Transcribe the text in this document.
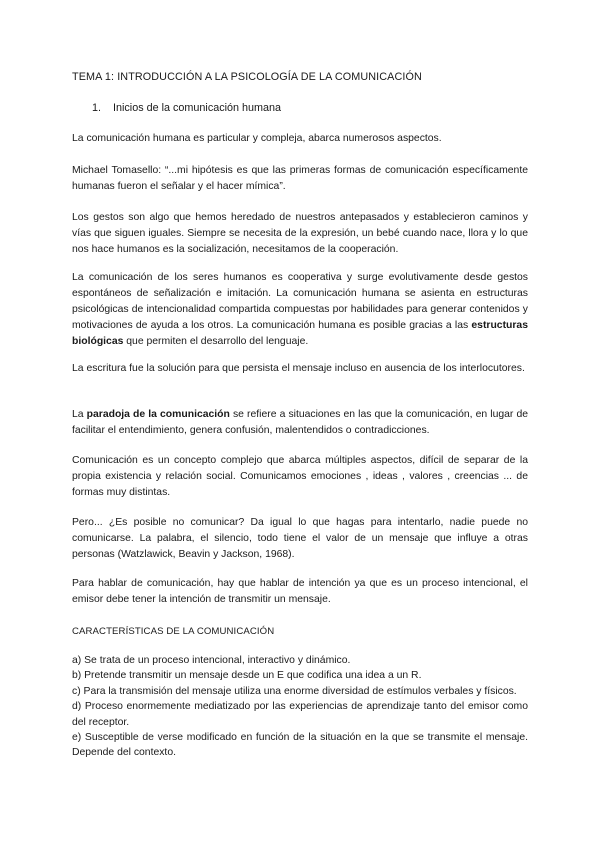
TEMA 1: INTRODUCCIÓN A LA PSICOLOGÍA DE LA COMUNICACIÓN
1. Inicios de la comunicación humana

La comunicación humana es particular y compleja, abarca numerosos aspectos.

Michael Tomasello: “...mi hipótesis es que las primeras formas de comunicación específicamente humanas fueron el señalar y el hacer mímica”.

Los gestos son algo que hemos heredado de nuestros antepasados y establecieron caminos y vías que siguen iguales. Siempre se necesita de la expresión, un bebé cuando nace, llora y lo que nos hace humanos es la socialización, necesitamos de la cooperación.

La comunicación de los seres humanos es cooperativa y surge evolutivamente desde gestos espontáneos de señalización e imitación. La comunicación humana se asienta en estructuras psicológicas de intencionalidad compartida compuestas por habilidades para generar contenidos y motivaciones de ayuda a los otros. La comunicación humana es posible gracias a las estructuras biológicas que permiten el desarrollo del lenguaje.

La escritura fue la solución para que persista el mensaje incluso en ausencia de los interlocutores.

La paradoja de la comunicación se refiere a situaciones en las que la comunicación, en lugar de facilitar el entendimiento, genera confusión, malentendidos o contradicciones.

Comunicación es un concepto complejo que abarca múltiples aspectos, difícil de separar de la propia existencia y relación social. Comunicamos emociones , ideas , valores , creencias ... de formas muy distintas.

Pero... ¿Es posible no comunicar? Da igual lo que hagas para intentarlo, nadie puede no comunicarse. La palabra, el silencio, todo tiene el valor de un mensaje que influye a otras personas (Watzlawick, Beavin y Jackson, 1968).

Para hablar de comunicación, hay que hablar de intención ya que es un proceso intencional, el emisor debe tener la intención de transmitir un mensaje.

CARACTERÍSTICAS DE LA COMUNICACIÓN
a) Se trata de un proceso intencional, interactivo y dinámico.
b) Pretende transmitir un mensaje desde un E que codifica una idea a un R.
c) Para la transmisión del mensaje utiliza una enorme diversidad de estímulos verbales y físicos.
d) Proceso enormemente mediatizado por las experiencias de aprendizaje tanto del emisor como del receptor.
e) Susceptible de verse modificado en función de la situación en la que se transmite el mensaje. Depende del contexto.
